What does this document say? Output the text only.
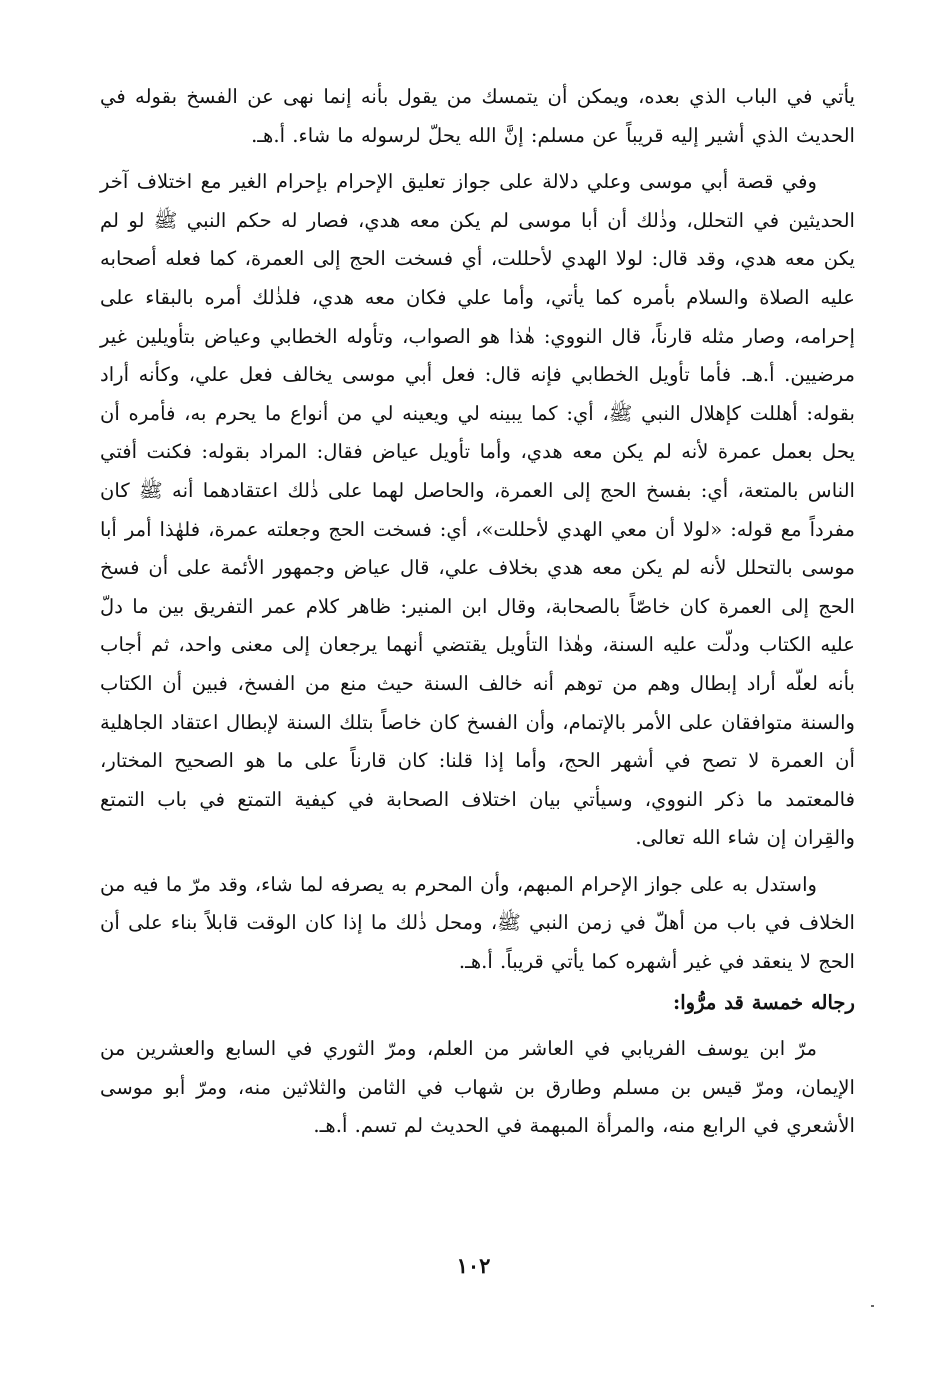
يأتي في الباب الذي بعده، ويمكن أن يتمسك من يقول بأنه إنما نهى عن الفسخ بقوله في الحديث الذي أشير إليه قريباً عن مسلم: إنَّ الله يحلّ لرسوله ما شاء. أ.هـ.

وفي قصة أبي موسى وعلي دلالة على جواز تعليق الإحرام بإحرام الغير مع اختلاف آخر الحديثين في التحلل، وذٰلك أن أبا موسى لم يكن معه هدي، فصار له حكم النبي ﷺ لو لم يكن معه هدي، وقد قال: لولا الهدي لأحللت، أي فسخت الحج إلى العمرة، كما فعله أصحابه عليه الصلاة والسلام بأمره كما يأتي، وأما علي فكان معه هدي، فلذٰلك أمره بالبقاء على إحرامه، وصار مثله قارناً، قال النووي: هٰذا هو الصواب، وتأوله الخطابي وعياض بتأويلين غير مرضيين. أ.هـ. فأما تأويل الخطابي فإنه قال: فعل أبي موسى يخالف فعل علي، وكأنه أراد بقوله: أهللت كإهلال النبي ﷺ، أي: كما يبينه لي ويعينه لي من أنواع ما يحرم به، فأمره أن يحل بعمل عمرة لأنه لم يكن معه هدي، وأما تأويل عياض فقال: المراد بقوله: فكنت أفتي الناس بالمتعة، أي: بفسخ الحج إلى العمرة، والحاصل لهما على ذٰلك اعتقادهما أنه ﷺ كان مفرداً مع قوله: «لولا أن معي الهدي لأحللت»، أي: فسخت الحج وجعلته عمرة، فلهٰذا أمر أبا موسى بالتحلل لأنه لم يكن معه هدي بخلاف علي، قال عياض وجمهور الأئمة على أن فسخ الحج إلى العمرة كان خاصّاً بالصحابة، وقال ابن المنير: ظاهر كلام عمر التفريق بين ما دلّ عليه الكتاب ودلّت عليه السنة، وهٰذا التأويل يقتضي أنهما يرجعان إلى معنى واحد، ثم أجاب بأنه لعلّه أراد إبطال وهم من توهم أنه خالف السنة حيث منع من الفسخ، فبين أن الكتاب والسنة متوافقان على الأمر بالإتمام، وأن الفسخ كان خاصاً بتلك السنة لإبطال اعتقاد الجاهلية أن العمرة لا تصح في أشهر الحج، وأما إذا قلنا: كان قارناً على ما هو الصحيح المختار، فالمعتمد ما ذكر النووي، وسيأتي بيان اختلاف الصحابة في كيفية التمتع في باب التمتع والقِران إن شاء الله تعالى.

واستدل به على جواز الإحرام المبهم، وأن المحرم به يصرفه لما شاء، وقد مرّ ما فيه من الخلاف في باب من أهلّ في زمن النبي ﷺ، ومحل ذٰلك ما إذا كان الوقت قابلاً بناء على أن الحج لا ينعقد في غير أشهره كما يأتي قريباً. أ.هـ.

رجاله خمسة قد مرُّوا:

مرّ ابن يوسف الفريابي في العاشر من العلم، ومرّ الثوري في السابع والعشرين من الإيمان، ومرّ قيس بن مسلم وطارق بن شهاب في الثامن والثلاثين منه، ومرّ أبو موسى الأشعري في الرابع منه، والمرأة المبهمة في الحديث لم تسم. أ.هـ.

١٠٢
